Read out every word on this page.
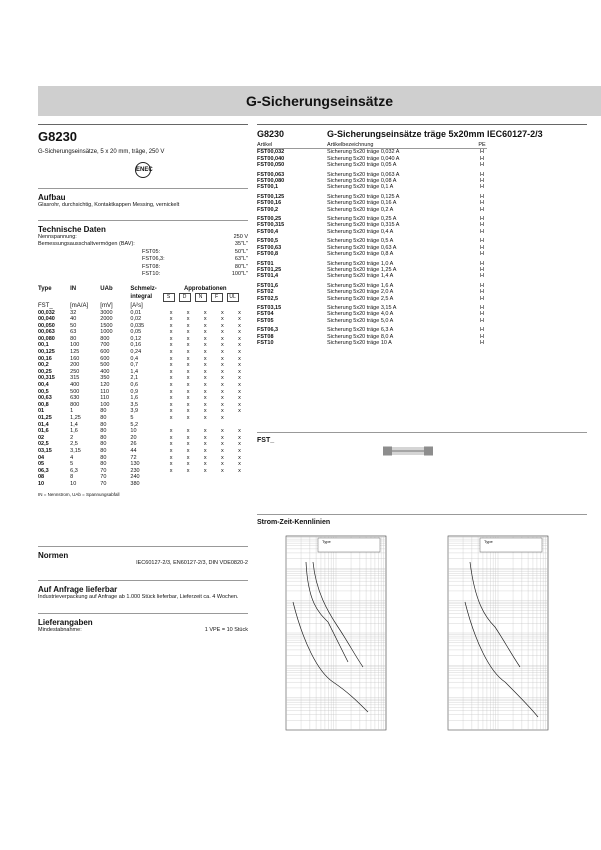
G-Sicherungseinsätze
G8230
G-Sicherungseinsätze, 5 x 20 mm, träge, 250 V
ENEC
Aufbau
Glasrohr, durchsichtig, Kontaktkappen Messing, vernickelt
Technische Daten
Nennspannung:	250 V
Bemessungsausschaltvermögen (BAV):	35"L"
FST05:	50"L"
FST06,3:	63"L"
FST08:	80"L"
FST10:	100"L"
Type	IN	UAb	Schmelz-	Approbationen				
			integral	S D N F UL				

FST_	[mA/A]	[mV]	[A²s]					
00,032	32	3000	0,01	x	x	x	x	x
00,040	40	2000	0,02	x	x	x	x	x
00,050	50	1500	0,035	x	x	x	x	x
00,063	63	1000	0,05	x	x	x	x	x
00,080	80	800	0,12	x	x	x	x	x
00,1	100	700	0,16	x	x	x	x	x
00,125	125	600	0,24	x	x	x	x	x
00,16	160	600	0,4	x	x	x	x	x
00,2	200	500	0,7	x	x	x	x	x
00,25	250	400	1,4	x	x	x	x	x
00,315	315	350	2,1	x	x	x	x	x
00,4	400	120	0,6	x	x	x	x	x
00,5	500	110	0,9	x	x	x	x	x
00,63	630	110	1,6	x	x	x	x	x
00,8	800	100	3,5	x	x	x	x	x
01	1	80	3,9	x	x	x	x	x
01,25	1,25	80	5	x	x	x	x	
01,4	1,4	80	5,2					
01,6	1,6	80	10	x	x	x	x	x
02	2	80	20	x	x	x	x	x
02,5	2,5	80	26	x	x	x	x	x
03,15	3,15	80	44	x	x	x	x	x
04	4	80	72	x	x	x	x	x
05	5	80	130	x	x	x	x	x
06,3	6,3	70	230	x	x	x	x	x
08	8	70	240					
10	10	70	380					
IN = Nennstrom, UAb = Spannungsabfall
Normen
IEC60127-2/3, EN60127-2/3, DIN VDE0820-2
Auf Anfrage lieferbar
Industrieverpackung auf Anfrage ab 1.000 Stück lieferbar, Lieferzeit ca. 4 Wochen.
Lieferangaben
Mindestabnahme:	1 VPE = 10 Stück
G8230	G-Sicherungseinsätze träge 5x20mm IEC60127-2/3
Artikel	Artikelbezeichnung	PE
FST00,032	Sicherung 5x20 träge 0,032 A	H
FST00,040	Sicherung 5x20 träge 0,040 A	H
FST00,050	Sicherung 5x20 träge 0,05 A	H
FST00,063	Sicherung 5x20 träge 0,063 A	H
FST00,080	Sicherung 5x20 träge 0,08 A	H
FST00,1	Sicherung 5x20 träge 0,1 A	H
FST00,125	Sicherung 5x20 träge 0,125 A	H
FST00,16	Sicherung 5x20 träge 0,16 A	H
FST00,2	Sicherung 5x20 träge 0,2 A	H
FST00,25	Sicherung 5x20 träge 0,25 A	H
FST00,315	Sicherung 5x20 träge 0,315 A	H
FST00,4	Sicherung 5x20 träge 0,4 A	H
FST00,5	Sicherung 5x20 träge 0,5 A	H
FST00,63	Sicherung 5x20 träge 0,63 A	H
FST00,8	Sicherung 5x20 träge 0,8 A	H
FST01	Sicherung 5x20 träge 1,0 A	H
FST01,25	Sicherung 5x20 träge 1,25 A	H
FST01,4	Sicherung 5x20 träge 1,4 A	H
FST01,6	Sicherung 5x20 träge 1,6 A	H
FST02	Sicherung 5x20 träge 2,0 A	H
FST02,5	Sicherung 5x20 träge 2,5 A	H
FST03,15	Sicherung 5x20 träge 3,15 A	H
FST04	Sicherung 5x20 träge 4,0 A	H
FST05	Sicherung 5x20 träge 5,0 A	H
FST06,3	Sicherung 5x20 träge 6,3 A	H
FST08	Sicherung 5x20 träge 8,0 A	H
FST10	Sicherung 5x20 träge 10 A	H
FST_
Strom-Zeit-Kennlinien
Type	Type
